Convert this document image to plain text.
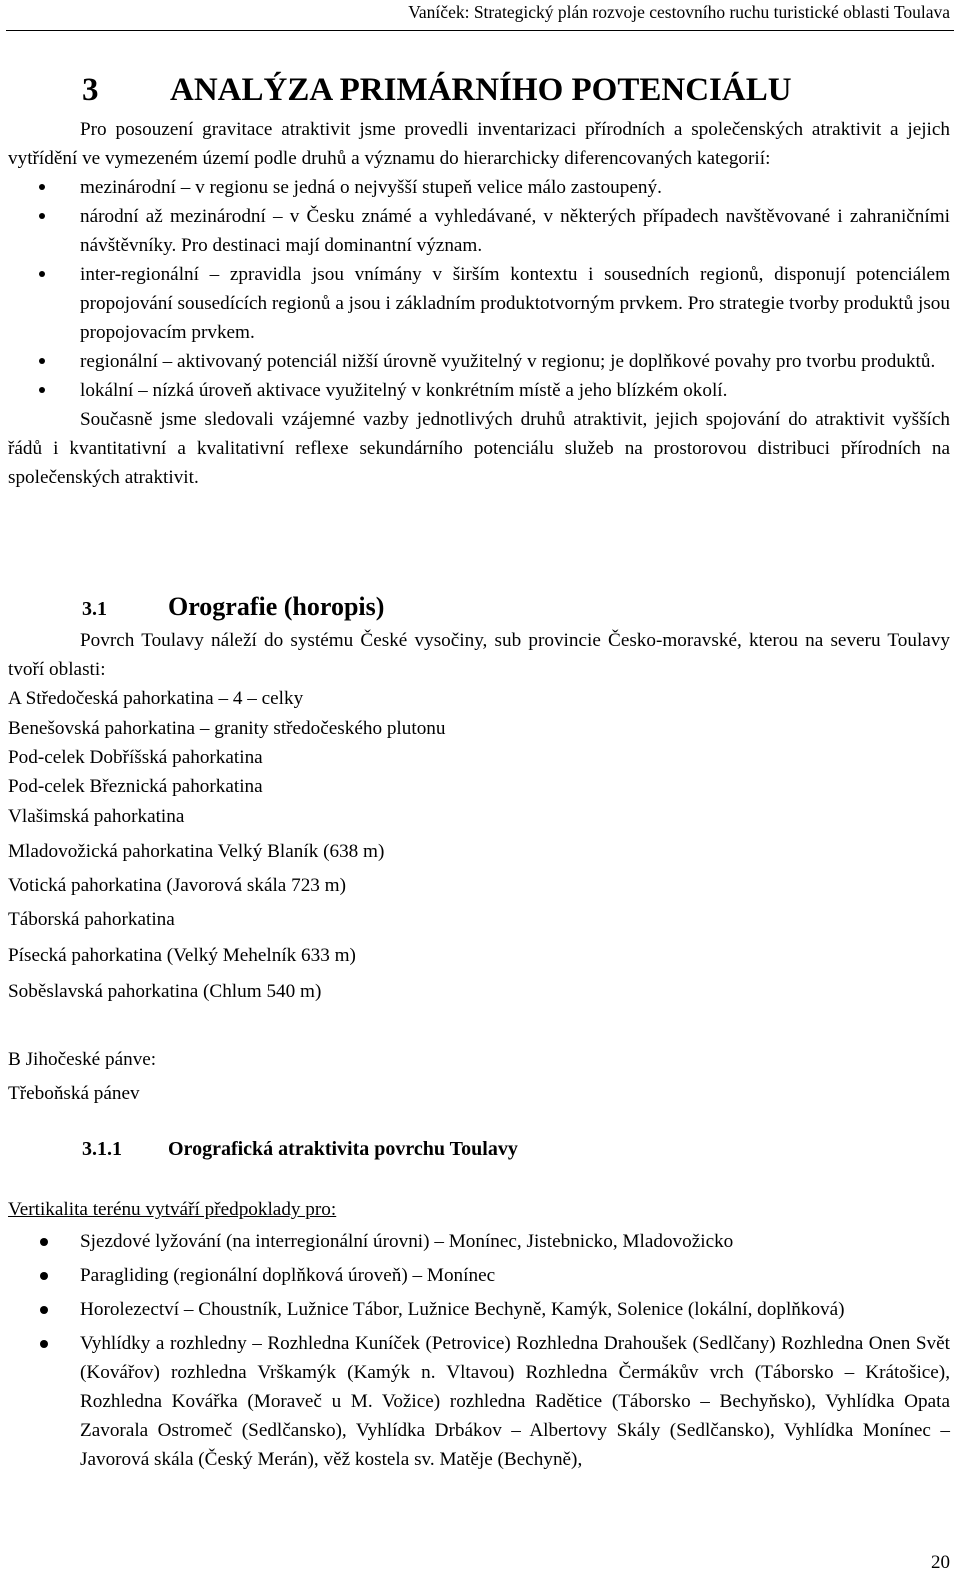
Vaníček: Strategický plán rozvoje cestovního ruchu turistické oblasti Toulava
3 ANALÝZA PRIMÁRNÍHO POTENCIÁLU

Pro posouzení gravitace atraktivit jsme provedli inventarizaci přírodních a společenských atraktivit a jejich vytřídění ve vymezeném území podle druhů a významu do hierarchicky diferencovaných kategorií:

mezinárodní – v regionu se jedná o nejvyšší stupeň velice málo zastoupený.
národní až mezinárodní – v Česku známé a vyhledávané, v některých případech navštěvované i zahraničními návštěvníky. Pro destinaci mají dominantní význam.
inter-regionální – zpravidla jsou vnímány v širším kontextu i sousedních regionů, disponují potenciálem propojování sousedících regionů a jsou i základním produktotvorným prvkem. Pro strategie tvorby produktů jsou propojovacím prvkem.
regionální – aktivovaný potenciál nižší úrovně využitelný v regionu; je doplňkové povahy pro tvorbu produktů.
lokální – nízká úroveň aktivace využitelný v konkrétním místě a jeho blízkém okolí.

Současně jsme sledovali vzájemné vazby jednotlivých druhů atraktivit, jejich spojování do atraktivit vyšších řádů i kvantitativní a kvalitativní reflexe sekundárního potenciálu služeb na prostorovou distribuci přírodních na společenských atraktivit.

3.1 Orografie (horopis)

Povrch Toulavy náleží do systému České vysočiny, sub provincie Česko-moravské, kterou na severu Toulavy tvoří oblasti:

A Středočeská pahorkatina – 4 – celky
Benešovská pahorkatina – granity středočeského plutonu
Pod-celek Dobříšská pahorkatina
Pod-celek Březnická pahorkatina
Vlašimská pahorkatina
Mladovožická pahorkatina Velký Blaník (638 m)
Votická pahorkatina (Javorová skála 723 m)
Táborská pahorkatina
Písecká pahorkatina (Velký Mehelník 633 m)
Soběslavská pahorkatina (Chlum 540 m)
B Jihočeské pánve:
Třeboňská pánev
3.1.1 Orografická atraktivita povrchu Toulavy

Vertikalita terénu vytváří předpoklady pro:

Sjezdové lyžování (na interregionální úrovni) – Monínec, Jistebnicko, Mladovožicko
Paragliding (regionální doplňková úroveň) – Monínec
Horolezectví – Choustník, Lužnice Tábor, Lužnice Bechyně, Kamýk, Solenice (lokální, doplňková)
Vyhlídky a rozhledny – Rozhledna Kuníček (Petrovice) Rozhledna Drahoušek (Sedlčany) Rozhledna Onen Svět (Kovářov) rozhledna Vrškamýk (Kamýk n. Vltavou) Rozhledna Čermákův vrch (Táborsko – Krátošice), Rozhledna Kovářka (Moraveč u M. Vožice) rozhledna Radětice (Táborsko – Bechyňsko), Vyhlídka Opata Zavorala Ostromeč (Sedlčansko), Vyhlídka Drbákov – Albertovy Skály (Sedlčansko), Vyhlídka Monínec – Javorová skála (Český Merán), věž kostela sv. Matěje (Bechyně),
20
